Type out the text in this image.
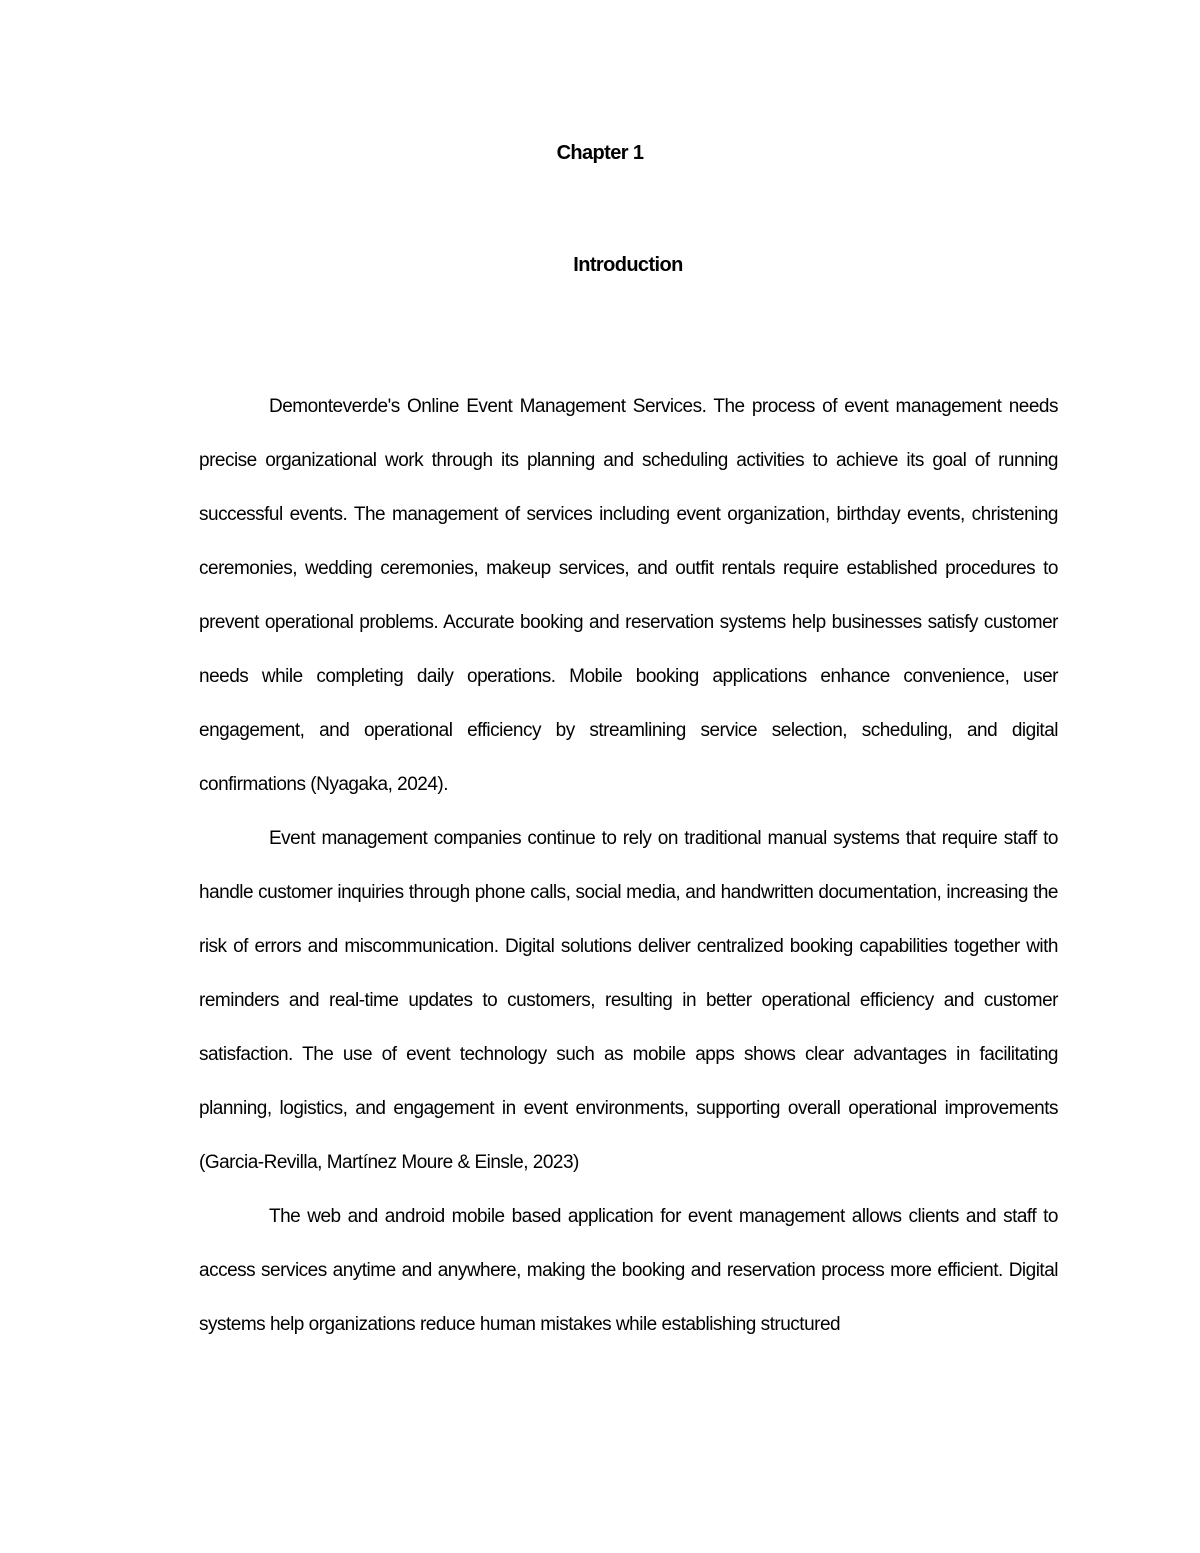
Chapter 1
Introduction

Demonteverde's Online Event Management Services. The process of event management needs precise organizational work through its planning and scheduling activities to achieve its goal of running successful events. The management of services including event organization, birthday events, christening ceremonies, wedding ceremonies, makeup services, and outfit rentals require established procedures to prevent operational problems. Accurate booking and reservation systems help businesses satisfy customer needs while completing daily operations. Mobile booking applications enhance convenience, user engagement, and operational efficiency by streamlining service selection, scheduling, and digital confirmations (Nyagaka, 2024).

Event management companies continue to rely on traditional manual systems that require staff to handle customer inquiries through phone calls, social media, and handwritten documentation, increasing the risk of errors and miscommunication. Digital solutions deliver centralized booking capabilities together with reminders and real-time updates to customers, resulting in better operational efficiency and customer satisfaction. The use of event technology such as mobile apps shows clear advantages in facilitating planning, logistics, and engagement in event environments, supporting overall operational improvements (Garcia-Revilla, Martínez Moure & Einsle, 2023)

The web and android mobile based application for event management allows clients and staff to access services anytime and anywhere, making the booking and reservation process more efficient. Digital systems help organizations reduce human mistakes while establishing structured
